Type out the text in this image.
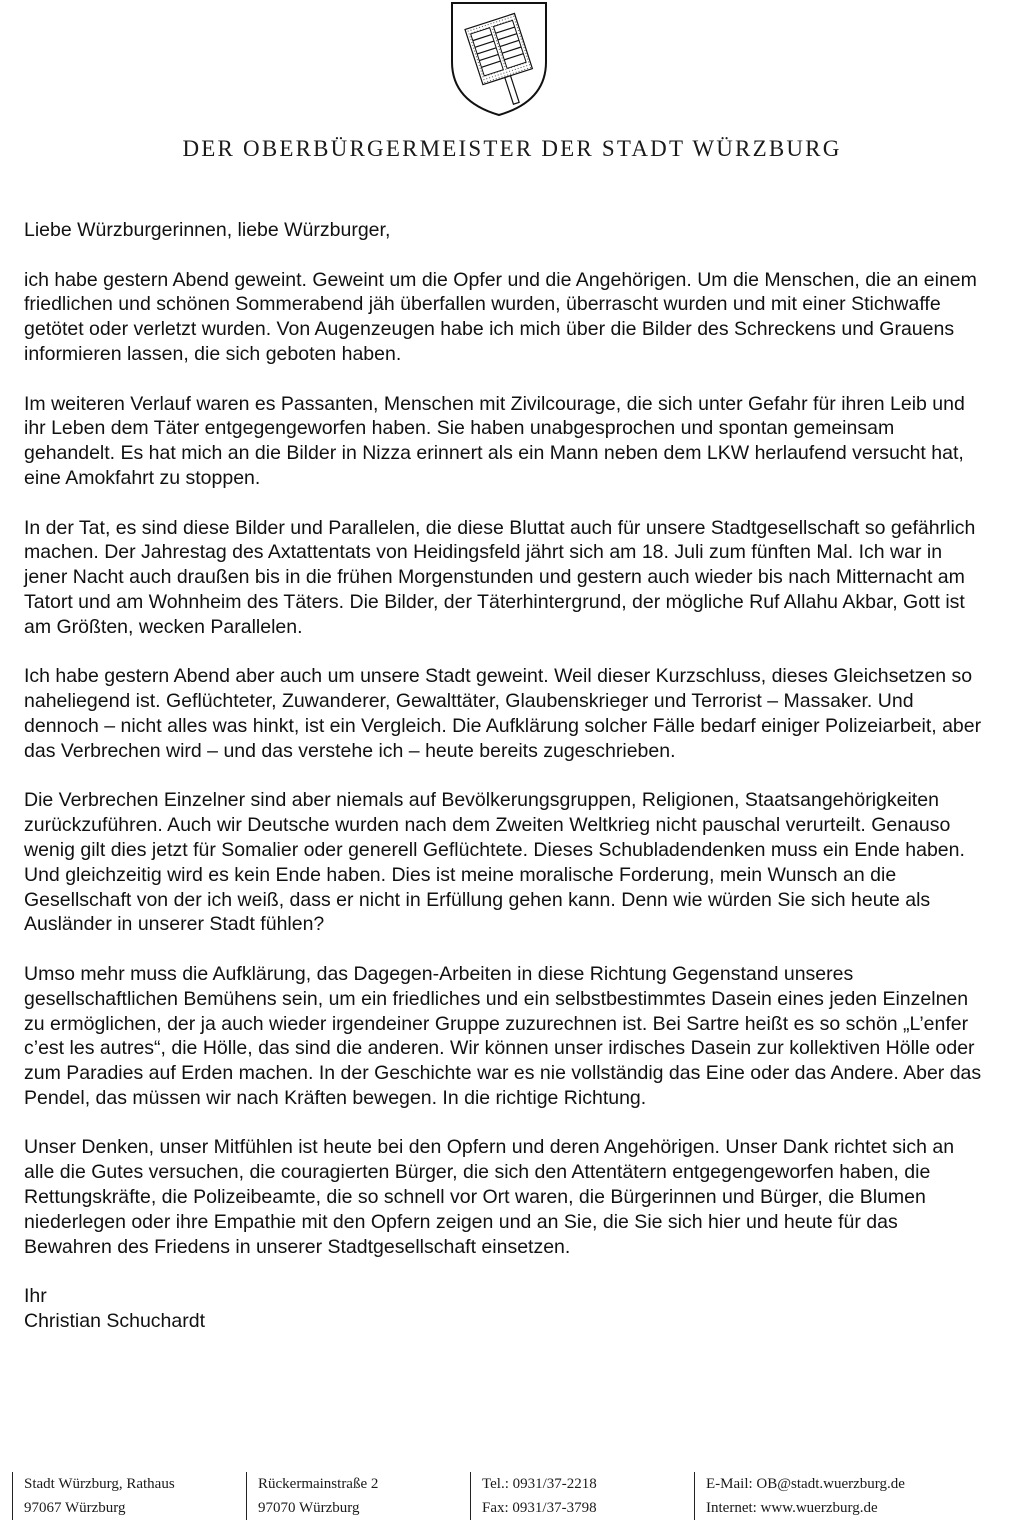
DER OBERBÜRGERMEISTER DER STADT WÜRZBURG

Liebe Würzburgerinnen, liebe Würzburger,

ich habe gestern Abend geweint. Geweint um die Opfer und die Angehörigen. Um die Menschen, die an einem friedlichen und schönen Sommerabend jäh überfallen wurden, überrascht wurden und mit einer Stichwaffe getötet oder verletzt wurden. Von Augenzeugen habe ich mich über die Bilder des Schreckens und Grauens informieren lassen, die sich geboten haben.

Im weiteren Verlauf waren es Passanten, Menschen mit Zivilcourage, die sich unter Gefahr für ihren Leib und ihr Leben dem Täter entgegengeworfen haben. Sie haben unabgesprochen und spontan gemeinsam gehandelt. Es hat mich an die Bilder in Nizza erinnert als ein Mann neben dem LKW herlaufend versucht hat, eine Amokfahrt zu stoppen.

In der Tat, es sind diese Bilder und Parallelen, die diese Bluttat auch für unsere Stadtgesellschaft so gefährlich machen. Der Jahrestag des Axtattentats von Heidingsfeld jährt sich am 18. Juli zum fünften Mal. Ich war in jener Nacht auch draußen bis in die frühen Morgenstunden und gestern auch wieder bis nach Mitternacht am Tatort und am Wohnheim des Täters. Die Bilder, der Täterhintergrund, der mögliche Ruf Allahu Akbar, Gott ist am Größten, wecken Parallelen.

Ich habe gestern Abend aber auch um unsere Stadt geweint. Weil dieser Kurzschluss, dieses Gleichsetzen so naheliegend ist. Geflüchteter, Zuwanderer, Gewalttäter, Glaubenskrieger und Terrorist – Massaker. Und dennoch – nicht alles was hinkt, ist ein Vergleich. Die Aufklärung solcher Fälle bedarf einiger Polizeiarbeit, aber das Verbrechen wird – und das verstehe ich – heute bereits zugeschrieben.

Die Verbrechen Einzelner sind aber niemals auf Bevölkerungsgruppen, Religionen, Staatsangehörigkeiten zurückzuführen. Auch wir Deutsche wurden nach dem Zweiten Weltkrieg nicht pauschal verurteilt. Genauso wenig gilt dies jetzt für Somalier oder generell Geflüchtete. Dieses Schubladendenken muss ein Ende haben. Und gleichzeitig wird es kein Ende haben. Dies ist meine moralische Forderung, mein Wunsch an die Gesellschaft von der ich weiß, dass er nicht in Erfüllung gehen kann. Denn wie würden Sie sich heute als Ausländer in unserer Stadt fühlen?

Umso mehr muss die Aufklärung, das Dagegen-Arbeiten in diese Richtung Gegenstand unseres gesellschaftlichen Bemühens sein, um ein friedliches und ein selbstbestimmtes Dasein eines jeden Einzelnen zu ermöglichen, der ja auch wieder irgendeiner Gruppe zuzurechnen ist. Bei Sartre heißt es so schön „L’enfer c’est les autres“, die Hölle, das sind die anderen. Wir können unser irdisches Dasein zur kollektiven Hölle oder zum Paradies auf Erden machen. In der Geschichte war es nie vollständig das Eine oder das Andere. Aber das Pendel, das müssen wir nach Kräften bewegen. In die richtige Richtung.

Unser Denken, unser Mitfühlen ist heute bei den Opfern und deren Angehörigen. Unser Dank richtet sich an alle die Gutes versuchen, die couragierten Bürger, die sich den Attentätern entgegengeworfen haben, die Rettungskräfte, die Polizeibeamte, die so schnell vor Ort waren, die Bürgerinnen und Bürger, die Blumen niederlegen oder ihre Empathie mit den Opfern zeigen und an Sie, die Sie sich hier und heute für das Bewahren des Friedens in unserer Stadtgesellschaft einsetzen.

Ihr

Christian Schuchardt

Stadt Würzburg, Rathaus
97067 Würzburg
Rückermainstraße 2
97070 Würzburg
Tel.: 0931/37-2218
Fax: 0931/37-3798
E-Mail: OB@stadt.wuerzburg.de
Internet: www.wuerzburg.de
